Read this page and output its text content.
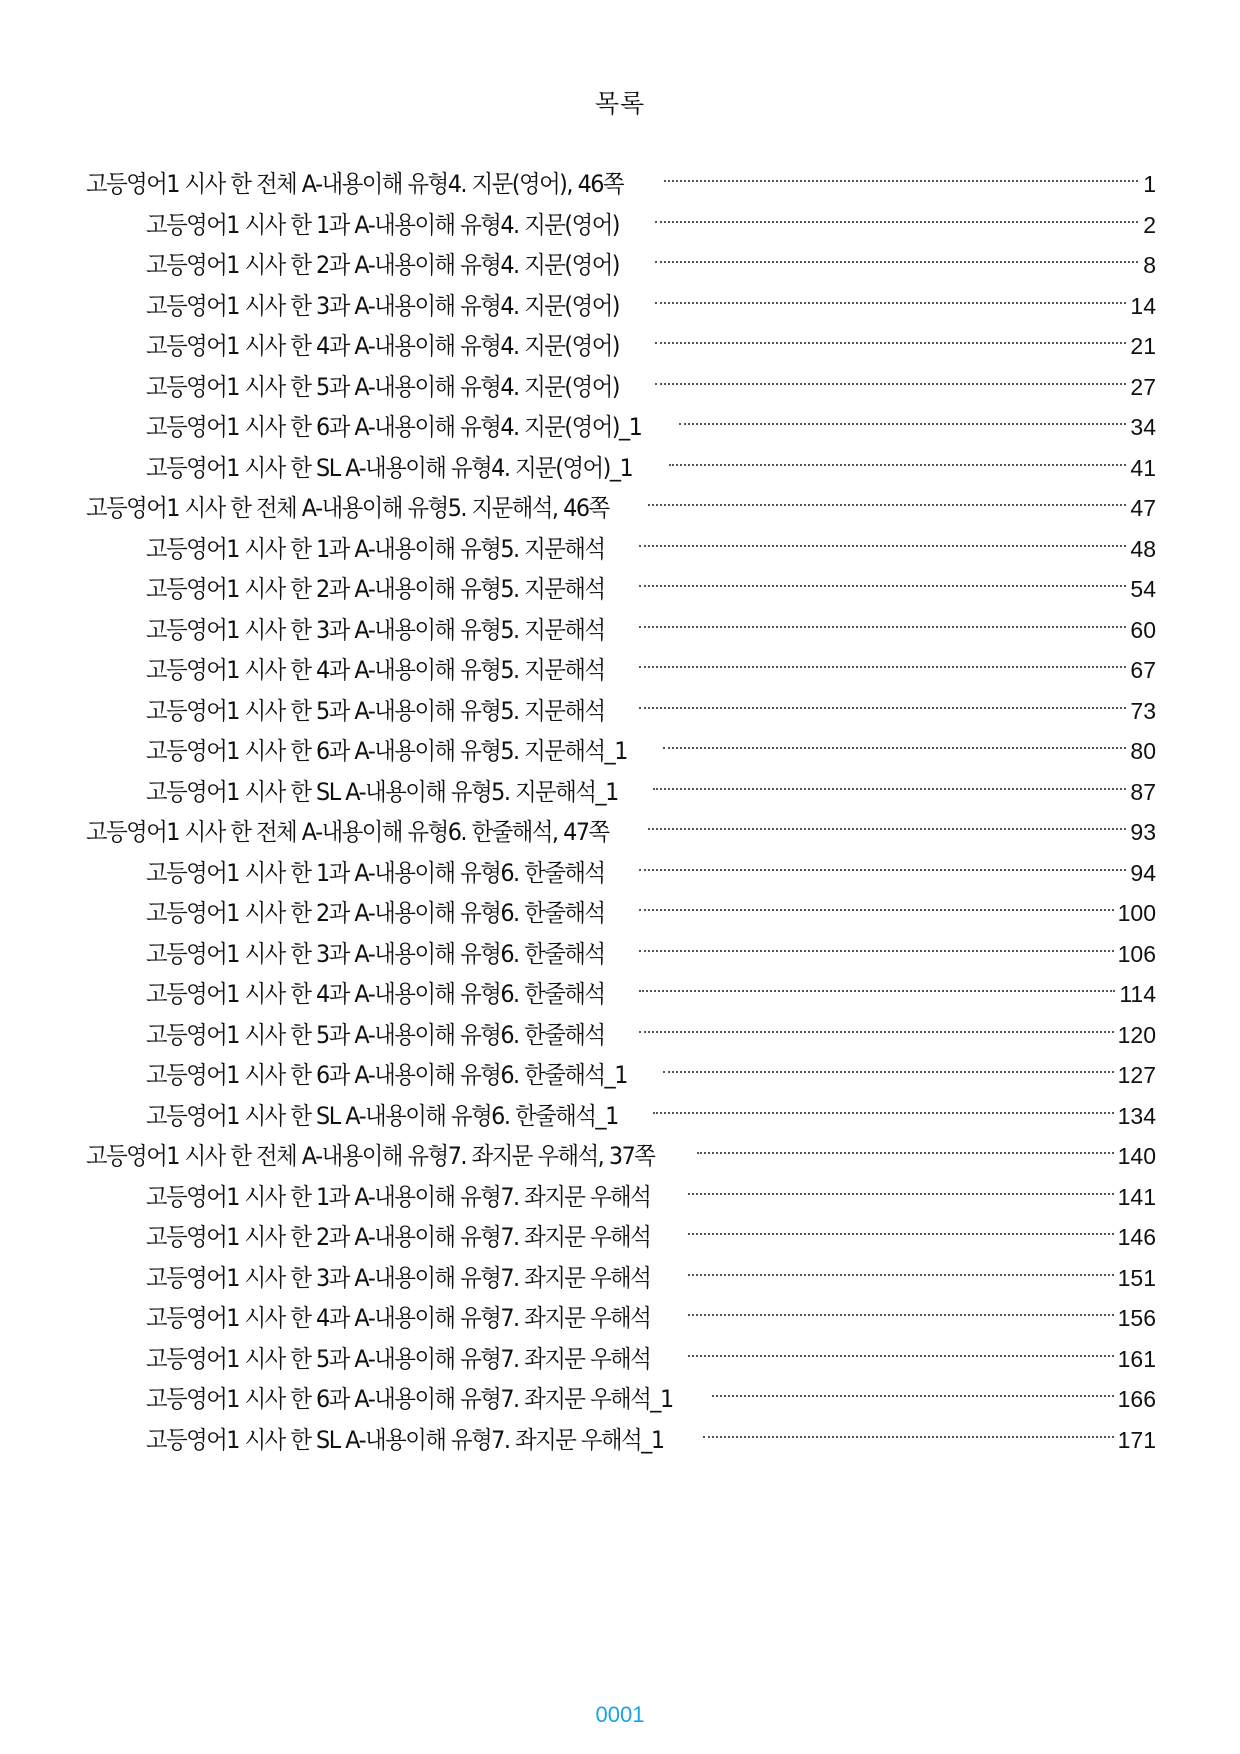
목록
고등영어1 시사 한 전체 A-내용이해 유형4. 지문(영어), 46쪽	1
고등영어1 시사 한 1과 A-내용이해 유형4. 지문(영어)	2
고등영어1 시사 한 2과 A-내용이해 유형4. 지문(영어)	8
고등영어1 시사 한 3과 A-내용이해 유형4. 지문(영어)	14
고등영어1 시사 한 4과 A-내용이해 유형4. 지문(영어)	21
고등영어1 시사 한 5과 A-내용이해 유형4. 지문(영어)	27
고등영어1 시사 한 6과 A-내용이해 유형4. 지문(영어)_1	34
고등영어1 시사 한 SL A-내용이해 유형4. 지문(영어)_1	41
고등영어1 시사 한 전체 A-내용이해 유형5. 지문해석, 46쪽	47
고등영어1 시사 한 1과 A-내용이해 유형5. 지문해석	48
고등영어1 시사 한 2과 A-내용이해 유형5. 지문해석	54
고등영어1 시사 한 3과 A-내용이해 유형5. 지문해석	60
고등영어1 시사 한 4과 A-내용이해 유형5. 지문해석	67
고등영어1 시사 한 5과 A-내용이해 유형5. 지문해석	73
고등영어1 시사 한 6과 A-내용이해 유형5. 지문해석_1	80
고등영어1 시사 한 SL A-내용이해 유형5. 지문해석_1	87
고등영어1 시사 한 전체 A-내용이해 유형6. 한줄해석, 47쪽	93
고등영어1 시사 한 1과 A-내용이해 유형6. 한줄해석	94
고등영어1 시사 한 2과 A-내용이해 유형6. 한줄해석	100
고등영어1 시사 한 3과 A-내용이해 유형6. 한줄해석	106
고등영어1 시사 한 4과 A-내용이해 유형6. 한줄해석	114
고등영어1 시사 한 5과 A-내용이해 유형6. 한줄해석	120
고등영어1 시사 한 6과 A-내용이해 유형6. 한줄해석_1	127
고등영어1 시사 한 SL A-내용이해 유형6. 한줄해석_1	134
고등영어1 시사 한 전체 A-내용이해 유형7. 좌지문 우해석, 37쪽	140
고등영어1 시사 한 1과 A-내용이해 유형7. 좌지문 우해석	141
고등영어1 시사 한 2과 A-내용이해 유형7. 좌지문 우해석	146
고등영어1 시사 한 3과 A-내용이해 유형7. 좌지문 우해석	151
고등영어1 시사 한 4과 A-내용이해 유형7. 좌지문 우해석	156
고등영어1 시사 한 5과 A-내용이해 유형7. 좌지문 우해석	161
고등영어1 시사 한 6과 A-내용이해 유형7. 좌지문 우해석_1	166
고등영어1 시사 한 SL A-내용이해 유형7. 좌지문 우해석_1	171
0001
